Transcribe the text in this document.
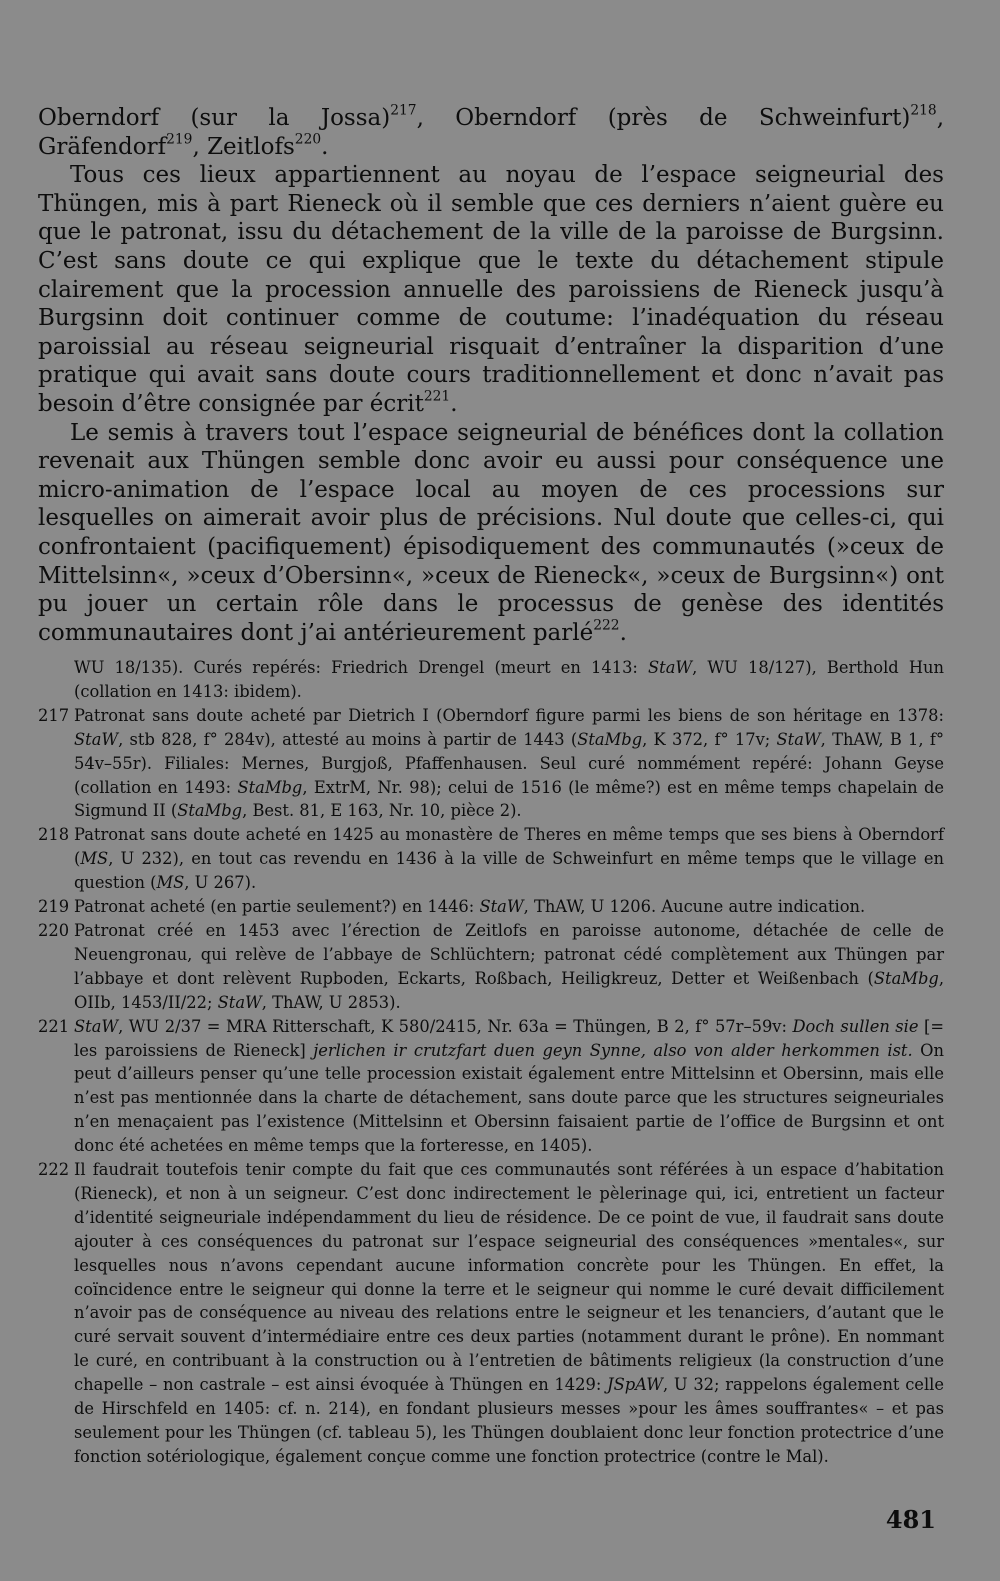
Oberndorf (sur la Jossa)$^{217}$, Oberndorf (près de Schweinfurt)$^{218}$, Gräfendorf$^{219}$, Zeitlofs$^{220}$.

Tous ces lieux appartiennent au noyau de l’espace seigneurial des Thüngen, mis à part Rieneck où il semble que ces derniers n’aient guère eu que le patronat, issu du détachement de la ville de la paroisse de Burgsinn. C’est sans doute ce qui explique que le texte du détachement stipule clairement que la procession annuelle des paroissiens de Rieneck jusqu’à Burgsinn doit continuer comme de coutume: l’inadéquation du réseau paroissial au réseau seigneurial risquait d’entraîner la disparition d’une pratique qui avait sans doute cours traditionnellement et donc n’avait pas besoin d’être consignée par écrit$^{221}$.

Le semis à travers tout l’espace seigneurial de bénéfices dont la collation revenait aux Thüngen semble donc avoir eu aussi pour conséquence une micro-animation de l’espace local au moyen de ces processions sur lesquelles on aimerait avoir plus de précisions. Nul doute que celles-ci, qui confrontaient (pacifiquement) épisodiquement des communautés (»ceux de Mittelsinn«, »ceux d’Obersinn«, »ceux de Rieneck«, »ceux de Burgsinn«) ont pu jouer un certain rôle dans le processus de genèse des identités communautaires dont j’ai antérieurement parlé$^{222}$.

WU 18/135). Curés repérés: Friedrich Drengel (meurt en 1413: StaW, WU 18/127), Berthold Hun (collation en 1413: ibidem).

217 Patronat sans doute acheté par Dietrich I (Oberndorf figure parmi les biens de son héritage en 1378: StaW, stb 828, f° 284v), attesté au moins à partir de 1443 (StaMbg, K 372, f° 17v; StaW, ThAW, B 1, f° 54v–55r). Filiales: Mernes, Burgjoß, Pfaffenhausen. Seul curé nommément repéré: Johann Geyse (collation en 1493: StaMbg, ExtrM, Nr. 98); celui de 1516 (le même?) est en même temps chapelain de Sigmund II (StaMbg, Best. 81, E 163, Nr. 10, pièce 2).

218 Patronat sans doute acheté en 1425 au monastère de Theres en même temps que ses biens à Oberndorf (MS, U 232), en tout cas revendu en 1436 à la ville de Schweinfurt en même temps que le village en question (MS, U 267).

219 Patronat acheté (en partie seulement?) en 1446: StaW, ThAW, U 1206. Aucune autre indication.

220 Patronat créé en 1453 avec l’érection de Zeitlofs en paroisse autonome, détachée de celle de Neuengronau, qui relève de l’abbaye de Schlüchtern; patronat cédé complètement aux Thüngen par l’abbaye et dont relèvent Rupboden, Eckarts, Roßbach, Heiligkreuz, Detter et Weißenbach (StaMbg, OIIb, 1453/II/22; StaW, ThAW, U 2853).

221 StaW, WU 2/37 = MRA Ritterschaft, K 580/2415, Nr. 63a = Thüngen, B 2, f° 57r–59v: Doch sullen sie [= les paroissiens de Rieneck] jerlichen ir crutzfart duen geyn Synne, also von alder herkommen ist. On peut d’ailleurs penser qu’une telle procession existait également entre Mittelsinn et Obersinn, mais elle n’est pas mentionnée dans la charte de détachement, sans doute parce que les structures seigneuriales n’en menaçaient pas l’existence (Mittelsinn et Obersinn faisaient partie de l’office de Burgsinn et ont donc été achetées en même temps que la forteresse, en 1405).

222 Il faudrait toutefois tenir compte du fait que ces communautés sont référées à un espace d’habitation (Rieneck), et non à un seigneur. C’est donc indirectement le pèlerinage qui, ici, entretient un facteur d’identité seigneuriale indépendamment du lieu de résidence. De ce point de vue, il faudrait sans doute ajouter à ces conséquences du patronat sur l’espace seigneurial des conséquences »mentales«, sur lesquelles nous n’avons cependant aucune information concrète pour les Thüngen. En effet, la coïncidence entre le seigneur qui donne la terre et le seigneur qui nomme le curé devait difficilement n’avoir pas de conséquence au niveau des relations entre le seigneur et les tenanciers, d’autant que le curé servait souvent d’intermédiaire entre ces deux parties (notamment durant le prône). En nommant le curé, en contribuant à la construction ou à l’entretien de bâtiments religieux (la construction d’une chapelle – non castrale – est ainsi évoquée à Thüngen en 1429: JSpAW, U 32; rappelons également celle de Hirschfeld en 1405: cf. n. 214), en fondant plusieurs messes »pour les âmes souffrantes« – et pas seulement pour les Thüngen (cf. tableau 5), les Thüngen doublaient donc leur fonction protectrice d’une fonction sotériologique, également conçue comme une fonction protectrice (contre le Mal).

481
